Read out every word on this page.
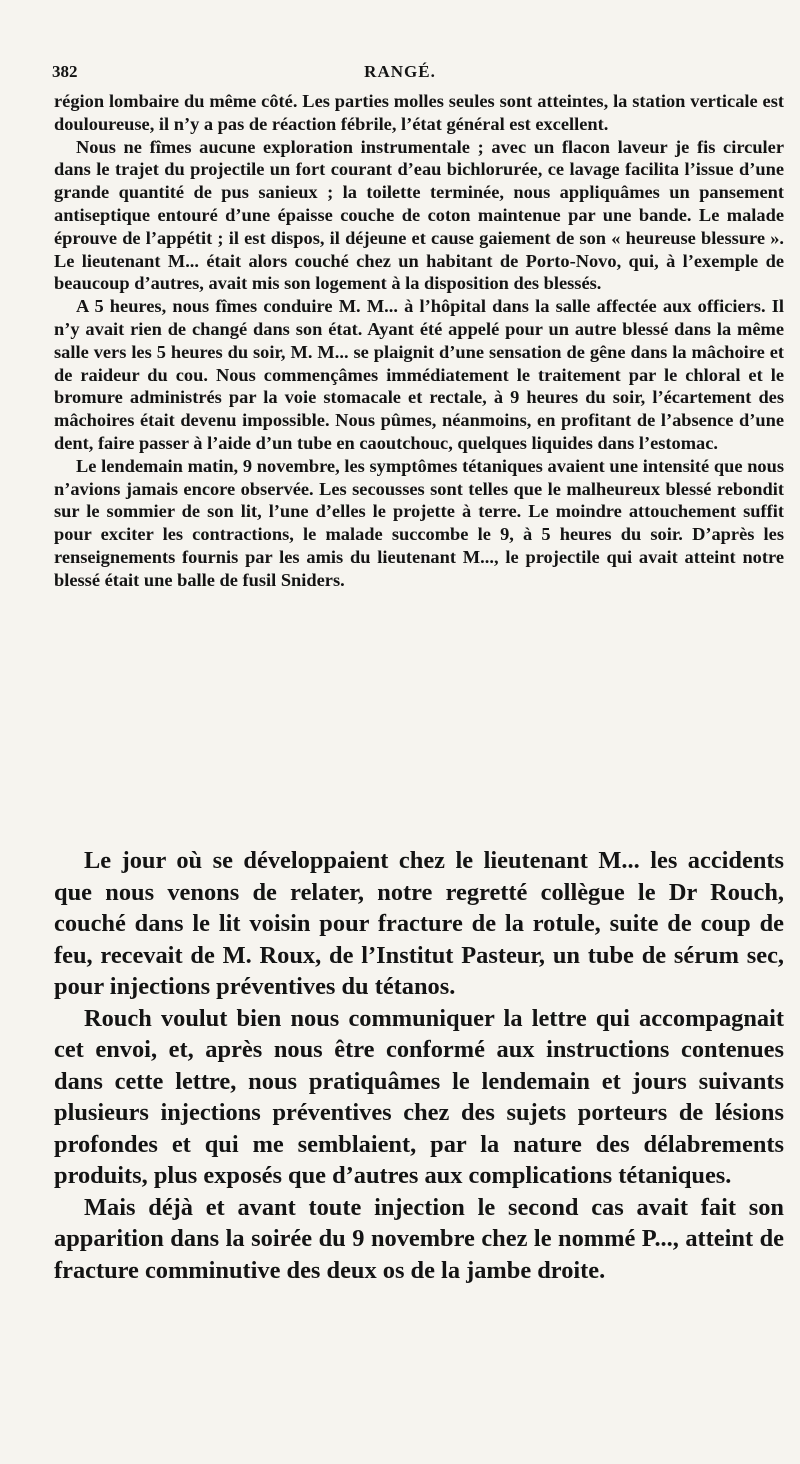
382	RANGÉ.

région lombaire du même côté. Les parties molles seules sont atteintes, la station verticale est douloureuse, il n’y a pas de réaction fébrile, l’état général est excellent.

Nous ne fîmes aucune exploration instrumentale ; avec un flacon laveur je fis circuler dans le trajet du projectile un fort courant d’eau bichlorurée, ce lavage facilita l’issue d’une grande quantité de pus sanieux ; la toilette terminée, nous appliquâmes un pansement antiseptique entouré d’une épaisse couche de coton maintenue par une bande. Le malade éprouve de l’appétit ; il est dispos, il déjeune et cause gaiement de son « heureuse blessure ». Le lieutenant M... était alors couché chez un habitant de Porto-Novo, qui, à l’exemple de beaucoup d’autres, avait mis son logement à la disposition des blessés.

A 5 heures, nous fîmes conduire M. M... à l’hôpital dans la salle affectée aux officiers. Il n’y avait rien de changé dans son état. Ayant été appelé pour un autre blessé dans la même salle vers les 5 heures du soir, M. M... se plaignit d’une sensation de gêne dans la mâchoire et de raideur du cou. Nous commençâmes immédiatement le traitement par le chloral et le bromure administrés par la voie stomacale et rectale, à 9 heures du soir, l’écartement des mâchoires était devenu impossible. Nous pûmes, néanmoins, en profitant de l’absence d’une dent, faire passer à l’aide d’un tube en caoutchouc, quelques liquides dans l’estomac.

Le lendemain matin, 9 novembre, les symptômes tétaniques avaient une intensité que nous n’avions jamais encore observée. Les secousses sont telles que le malheureux blessé rebondit sur le sommier de son lit, l’une d’elles le projette à terre. Le moindre attouchement suffit pour exciter les contractions, le malade succombe le 9, à 5 heures du soir. D’après les renseignements fournis par les amis du lieutenant M..., le projectile qui avait atteint notre blessé était une balle de fusil Sniders.

Le jour où se développaient chez le lieutenant M... les accidents que nous venons de relater, notre regretté collègue le Dr Rouch, couché dans le lit voisin pour fracture de la rotule, suite de coup de feu, recevait de M. Roux, de l’Institut Pasteur, un tube de sérum sec, pour injections préventives du tétanos.

Rouch voulut bien nous communiquer la lettre qui accompagnait cet envoi, et, après nous être conformé aux instructions contenues dans cette lettre, nous pratiquâmes le lendemain et jours suivants plusieurs injections préventives chez des sujets porteurs de lésions profondes et qui me semblaient, par la nature des délabrements produits, plus exposés que d’autres aux complications tétaniques.

Mais déjà et avant toute injection le second cas avait fait son apparition dans la soirée du 9 novembre chez le nommé P..., atteint de fracture comminutive des deux os de la jambe droite.
